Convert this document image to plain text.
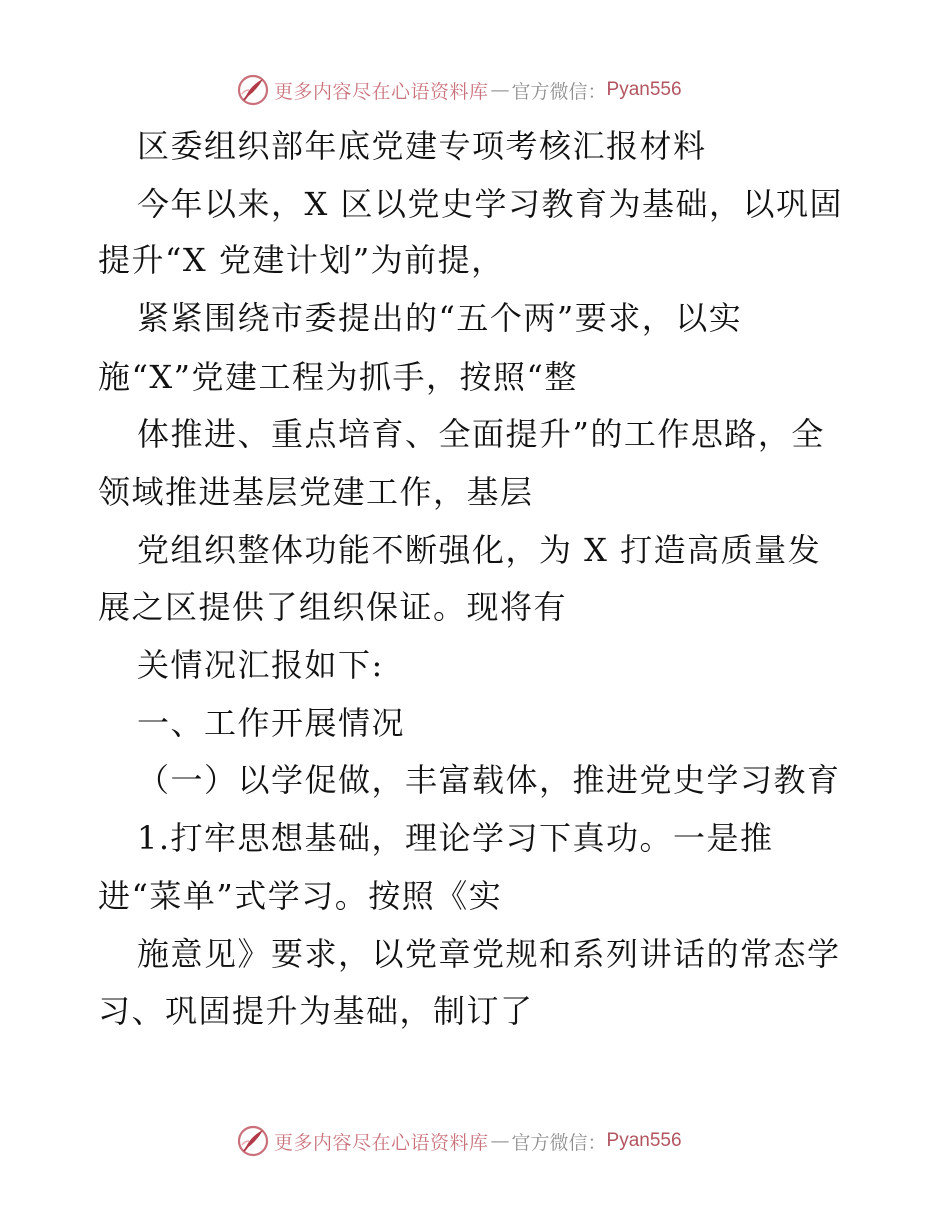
更多内容尽在心语资料库 — 官方微信： Pyan556
区委组织部年底党建专项考核汇报材料
今年以来，X 区以党史学习教育为基础，以巩固
提升“X 党建计划”为前提，
紧紧围绕市委提出的“五个两”要求，以实
施“X”党建工程为抓手，按照“整
体推进、重点培育、全面提升”的工作思路，全
领域推进基层党建工作，基层
党组织整体功能不断强化，为 X 打造高质量发
展之区提供了组织保证。现将有
关情况汇报如下:
一、工作开展情况
（一）以学促做，丰富载体，推进党史学习教育
1.打牢思想基础，理论学习下真功。一是推
进“菜单”式学习。按照《实
施意见》要求，以党章党规和系列讲话的常态学
习、巩固提升为基础，制订了
更多内容尽在心语资料库 — 官方微信： Pyan556
